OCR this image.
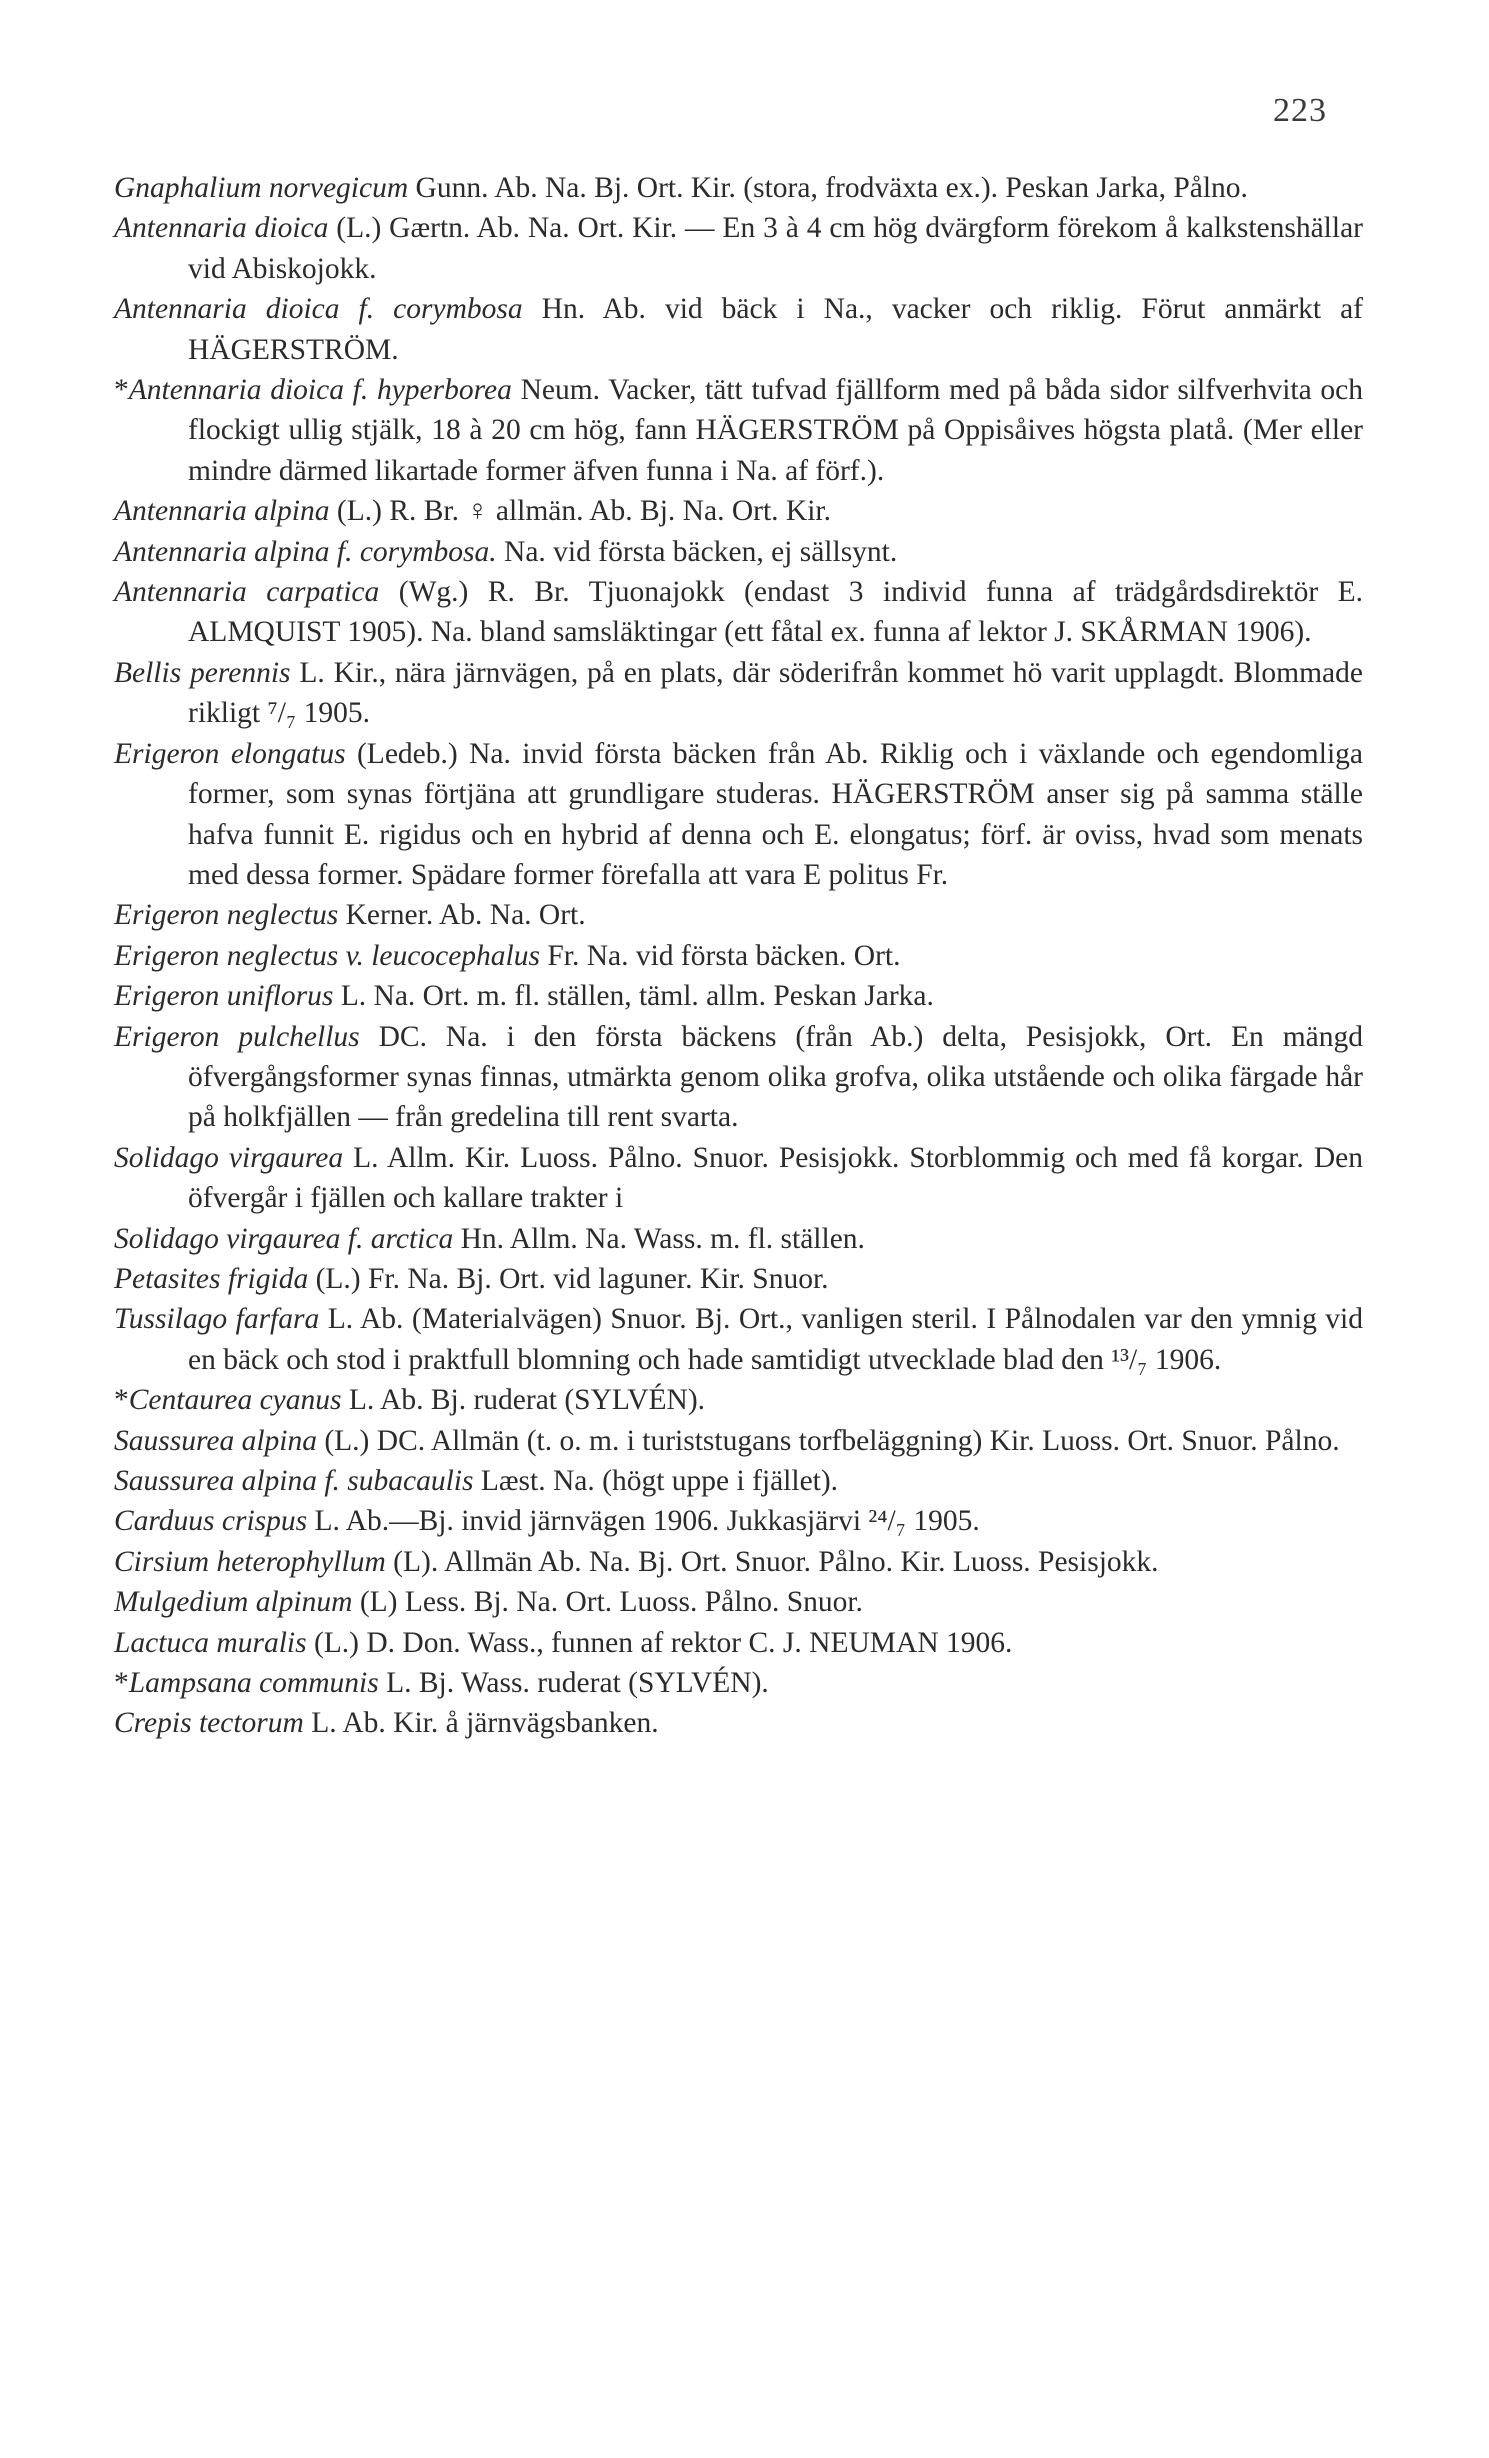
223

Gnaphalium norvegicum Gunn. Ab. Na. Bj. Ort. Kir. (stora, frodväxta ex.). Peskan Jarka, Pålno.

Antennaria dioica (L.) Gærtn. Ab. Na. Ort. Kir. — En 3 à 4 cm hög dvärgform förekom å kalkstenshällar vid Abiskojokk.

Antennaria dioica f. corymbosa Hn. Ab. vid bäck i Na., vacker och riklig. Förut anmärkt af HÄGERSTRÖM.

*Antennaria dioica f. hyperborea Neum. Vacker, tätt tufvad fjällform med på båda sidor silfverhvita och flockigt ullig stjälk, 18 à 20 cm hög, fann HÄGERSTRÖM på Oppisåives högsta platå. (Mer eller mindre därmed likartade former äfven funna i Na. af förf.).

Antennaria alpina (L.) R. Br. ♀ allmän. Ab. Bj. Na. Ort. Kir.

Antennaria alpina f. corymbosa. Na. vid första bäcken, ej sällsynt.

Antennaria carpatica (Wg.) R. Br. Tjuonajokk (endast 3 individ funna af trädgårdsdirektör E. ALMQUIST 1905). Na. bland samsläktingar (ett fåtal ex. funna af lektor J. SKÅRMAN 1906).

Bellis perennis L. Kir., nära järnvägen, på en plats, där söderifrån kommet hö varit upplagdt. Blommade rikligt ⁷/₇ 1905.

Erigeron elongatus (Ledeb.) Na. invid första bäcken från Ab. Riklig och i växlande och egendomliga former, som synas förtjäna att grundligare studeras. HÄGERSTRÖM anser sig på samma ställe hafva funnit E. rigidus och en hybrid af denna och E. elongatus; förf. är oviss, hvad som menats med dessa former. Spädare former förefalla att vara E politus Fr.

Erigeron neglectus Kerner. Ab. Na. Ort.

Erigeron neglectus v. leucocephalus Fr. Na. vid första bäcken. Ort.

Erigeron uniflorus L. Na. Ort. m. fl. ställen, täml. allm. Peskan Jarka.

Erigeron pulchellus DC. Na. i den första bäckens (från Ab.) delta, Pesisjokk, Ort. En mängd öfvergångsformer synas finnas, utmärkta genom olika grofva, olika utstående och olika färgade hår på holkfjällen — från gredelina till rent svarta.

Solidago virgaurea L. Allm. Kir. Luoss. Pålno. Snuor. Pesisjokk. Storblommig och med få korgar. Den öfvergår i fjällen och kallare trakter i

Solidago virgaurea f. arctica Hn. Allm. Na. Wass. m. fl. ställen.

Petasites frigida (L.) Fr. Na. Bj. Ort. vid laguner. Kir. Snuor.

Tussilago farfara L. Ab. (Materialvägen) Snuor. Bj. Ort., vanligen steril. I Pålnodalen var den ymnig vid en bäck och stod i praktfull blomning och hade samtidigt utvecklade blad den ¹³/₇ 1906.

*Centaurea cyanus L. Ab. Bj. ruderat (SYLVÉN).

Saussurea alpina (L.) DC. Allmän (t. o. m. i turiststugans torfbeläggning) Kir. Luoss. Ort. Snuor. Pålno.

Saussurea alpina f. subacaulis Læst. Na. (högt uppe i fjället).

Carduus crispus L. Ab.—Bj. invid järnvägen 1906. Jukkasjärvi ²⁴/₇ 1905.

Cirsium heterophyllum (L). Allmän Ab. Na. Bj. Ort. Snuor. Pålno. Kir. Luoss. Pesisjokk.

Mulgedium alpinum (L) Less. Bj. Na. Ort. Luoss. Pålno. Snuor.

Lactuca muralis (L.) D. Don. Wass., funnen af rektor C. J. NEUMAN 1906.

*Lampsana communis L. Bj. Wass. ruderat (SYLVÉN).

Crepis tectorum L. Ab. Kir. å järnvägsbanken.
